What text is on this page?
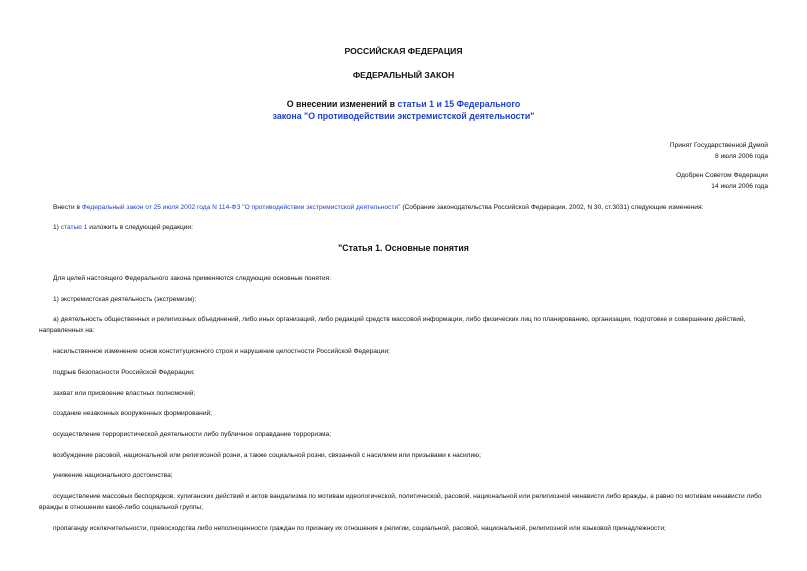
РОССИЙСКАЯ ФЕДЕРАЦИЯ
ФЕДЕРАЛЬНЫЙ ЗАКОН
О внесении изменений в статьи 1 и 15 Федерального
закона "О противодействии экстремистской деятельности"
Принят Государственной Думой
8 июля 2006 года
Одобрен Советом Федерации
14 июля 2006 года
Внести в Федеральный закон от 25 июля 2002 года N 114-ФЗ "О противодействии экстремистской деятельности" (Собрание законодательства Российской Федерации, 2002, N 30, ст.3031) следующие изменения:
1) статью 1 изложить в следующей редакции:
"Статья 1. Основные понятия
Для целей настоящего Федерального закона применяются следующие основные понятия:
1) экстремистская деятельность (экстремизм):
а) деятельность общественных и религиозных объединений, либо иных организаций, либо редакций средств массовой информации, либо физических лиц по планированию, организации, подготовке и совершению действий, направленных на:
насильственное изменение основ конституционного строя и нарушение целостности Российской Федерации;
подрыв безопасности Российской Федерации;
захват или присвоение властных полномочий;
создание незаконных вооруженных формирований;
осуществление террористической деятельности либо публичное оправдание терроризма;
возбуждение расовой, национальной или религиозной розни, а также социальной розни, связанной с насилием или призывами к насилию;
унижение национального достоинства;
осуществление массовых беспорядков, хулиганских действий и актов вандализма по мотивам идеологической, политической, расовой, национальной или религиозной ненависти либо вражды, а равно по мотивам ненависти либо вражды в отношении какой-либо социальной группы;
пропаганду исключительности, превосходства либо неполноценности граждан по признаку их отношения к религии, социальной, расовой, национальной, религиозной или языковой принадлежности;
